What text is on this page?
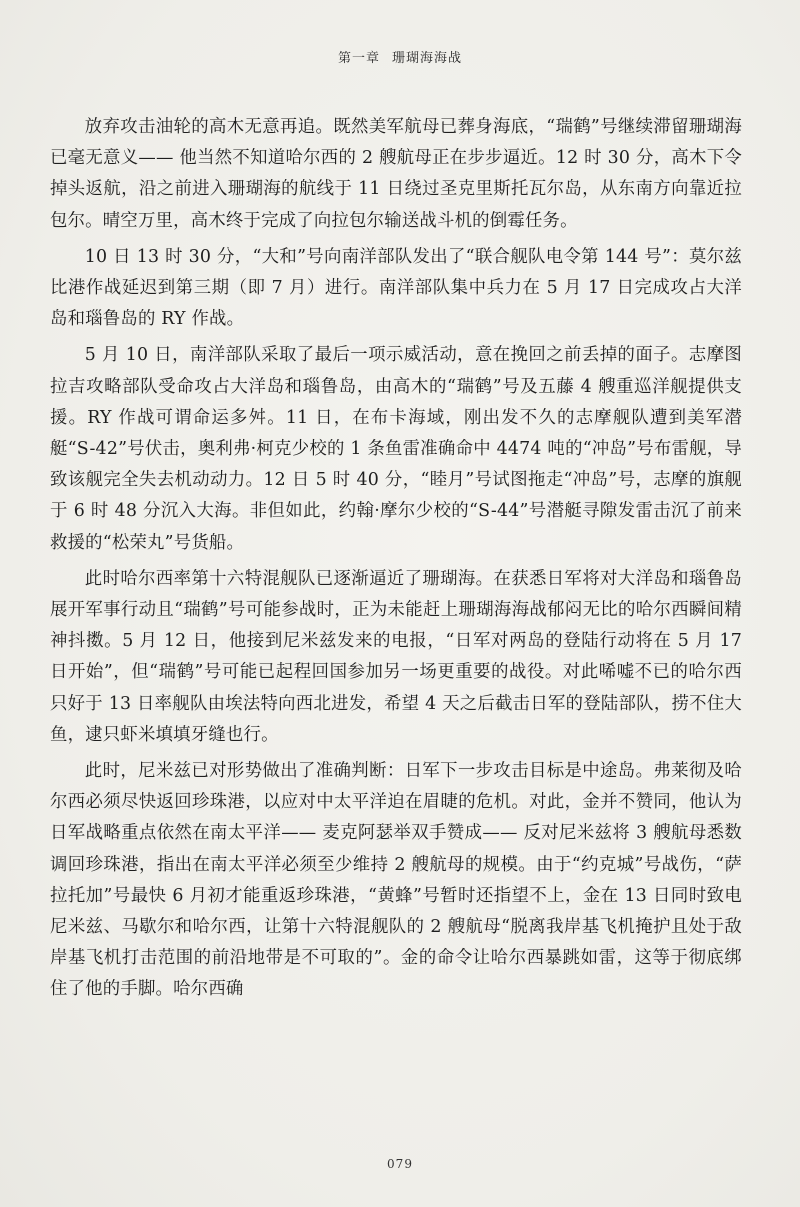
第一章 珊瑚海海战

放弃攻击油轮的高木无意再追。既然美军航母已葬身海底，“瑞鹤”号继续滞留珊瑚海已毫无意义—— 他当然不知道哈尔西的 2 艘航母正在步步逼近。12 时 30 分，高木下令掉头返航，沿之前进入珊瑚海的航线于 11 日绕过圣克里斯托瓦尔岛，从东南方向靠近拉包尔。晴空万里，高木终于完成了向拉包尔输送战斗机的倒霉任务。

10 日 13 时 30 分，“大和”号向南洋部队发出了“联合舰队电令第 144 号”：莫尔兹比港作战延迟到第三期（即 7 月）进行。南洋部队集中兵力在 5 月 17 日完成攻占大洋岛和瑙鲁岛的 RY 作战。

5 月 10 日，南洋部队采取了最后一项示威活动，意在挽回之前丢掉的面子。志摩图拉吉攻略部队受命攻占大洋岛和瑙鲁岛，由高木的“瑞鹤”号及五藤 4 艘重巡洋舰提供支援。RY 作战可谓命运多舛。11 日，在布卡海域，刚出发不久的志摩舰队遭到美军潜艇“S-42”号伏击，奥利弗·柯克少校的 1 条鱼雷准确命中 4474 吨的“冲岛”号布雷舰，导致该舰完全失去机动动力。12 日 5 时 40 分，“睦月”号试图拖走“冲岛”号，志摩的旗舰于 6 时 48 分沉入大海。非但如此，约翰·摩尔少校的“S-44”号潜艇寻隙发雷击沉了前来救援的“松荣丸”号货船。

此时哈尔西率第十六特混舰队已逐渐逼近了珊瑚海。在获悉日军将对大洋岛和瑙鲁岛展开军事行动且“瑞鹤”号可能参战时，正为未能赶上珊瑚海海战郁闷无比的哈尔西瞬间精神抖擞。5 月 12 日，他接到尼米兹发来的电报，“日军对两岛的登陆行动将在 5 月 17 日开始”，但“瑞鹤”号可能已起程回国参加另一场更重要的战役。对此唏嘘不已的哈尔西只好于 13 日率舰队由埃法特向西北进发，希望 4 天之后截击日军的登陆部队，捞不住大鱼，逮只虾米填填牙缝也行。

此时，尼米兹已对形势做出了准确判断：日军下一步攻击目标是中途岛。弗莱彻及哈尔西必须尽快返回珍珠港，以应对中太平洋迫在眉睫的危机。对此，金并不赞同，他认为日军战略重点依然在南太平洋—— 麦克阿瑟举双手赞成—— 反对尼米兹将 3 艘航母悉数调回珍珠港，指出在南太平洋必须至少维持 2 艘航母的规模。由于“约克城”号战伤，“萨拉托加”号最快 6 月初才能重返珍珠港，“黄蜂”号暂时还指望不上，金在 13 日同时致电尼米兹、马歇尔和哈尔西，让第十六特混舰队的 2 艘航母“脱离我岸基飞机掩护且处于敌岸基飞机打击范围的前沿地带是不可取的”。金的命令让哈尔西暴跳如雷，这等于彻底绑住了他的手脚。哈尔西确

079
